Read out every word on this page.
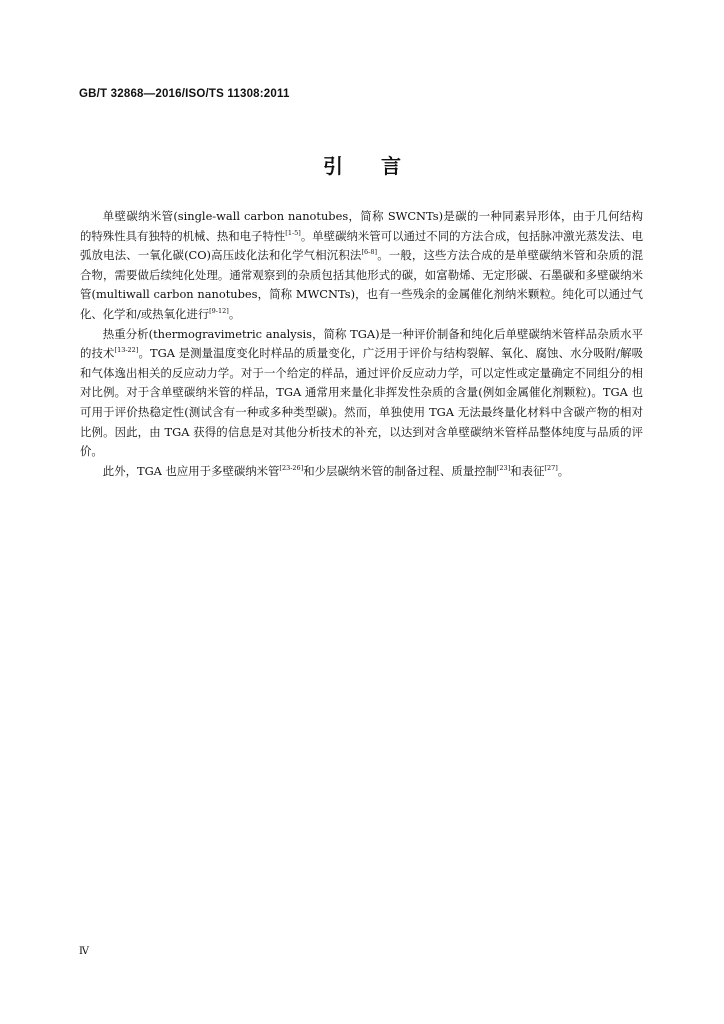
GB/T 32868—2016/ISO/TS 11308:2011
引言

单壁碳纳米管(single-wall carbon nanotubes，简称 SWCNTs)是碳的一种同素异形体，由于几何结构的特殊性具有独特的机械、热和电子特性[1-5]。单壁碳纳米管可以通过不同的方法合成，包括脉冲激光蒸发法、电弧放电法、一氧化碳(CO)高压歧化法和化学气相沉积法[6-8]。一般，这些方法合成的是单壁碳纳米管和杂质的混合物，需要做后续纯化处理。通常观察到的杂质包括其他形式的碳，如富勒烯、无定形碳、石墨碳和多壁碳纳米管(multiwall carbon nanotubes，简称 MWCNTs)，也有一些残余的金属催化剂纳米颗粒。纯化可以通过气化、化学和/或热氧化进行[9-12]。

热重分析(thermogravimetric analysis，简称 TGA)是一种评价制备和纯化后单壁碳纳米管样品杂质水平的技术[13-22]。TGA 是测量温度变化时样品的质量变化，广泛用于评价与结构裂解、氧化、腐蚀、水分吸附/解吸和气体逸出相关的反应动力学。对于一个给定的样品，通过评价反应动力学，可以定性或定量确定不同组分的相对比例。对于含单壁碳纳米管的样品，TGA 通常用来量化非挥发性杂质的含量(例如金属催化剂颗粒)。TGA 也可用于评价热稳定性(测试含有一种或多种类型碳)。然而，单独使用 TGA 无法最终量化材料中含碳产物的相对比例。因此，由 TGA 获得的信息是对其他分析技术的补充，以达到对含单壁碳纳米管样品整体纯度与品质的评价。

此外，TGA 也应用于多壁碳纳米管[23-26]和少层碳纳米管的制备过程、质量控制[23]和表征[27]。

Ⅳ
